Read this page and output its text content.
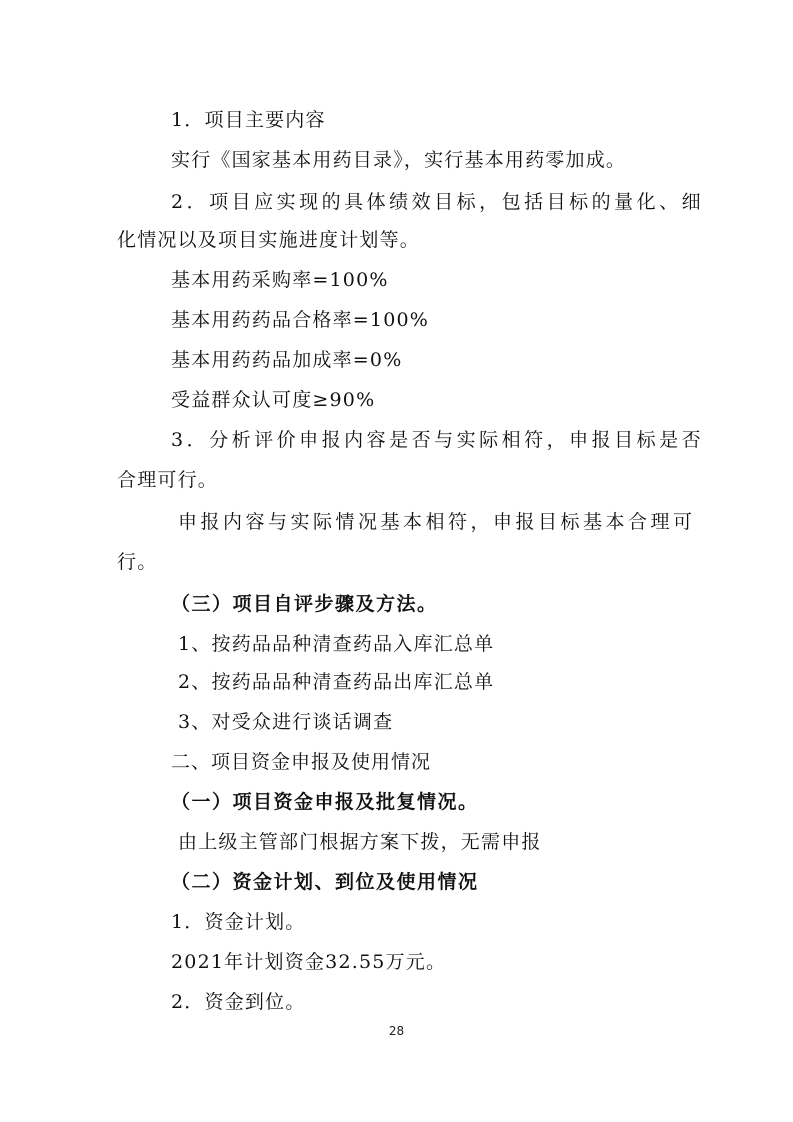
1．项目主要内容
实行《国家基本用药目录》，实行基本用药零加成。
2．项目应实现的具体绩效目标，包括目标的量化、细
化情况以及项目实施进度计划等。
基本用药采购率=100%
基本用药药品合格率=100%
基本用药药品加成率=0%
受益群众认可度≥90%
3．分析评价申报内容是否与实际相符，申报目标是否
合理可行。
申报内容与实际情况基本相符，申报目标基本合理可
行。
（三）项目自评步骤及方法。
1、按药品品种清查药品入库汇总单
2、按药品品种清查药品出库汇总单
3、对受众进行谈话调查
二、项目资金申报及使用情况
（一）项目资金申报及批复情况。
由上级主管部门根据方案下拨，无需申报
（二）资金计划、到位及使用情况
1．资金计划。
2021年计划资金32.55万元。
2．资金到位。
28
